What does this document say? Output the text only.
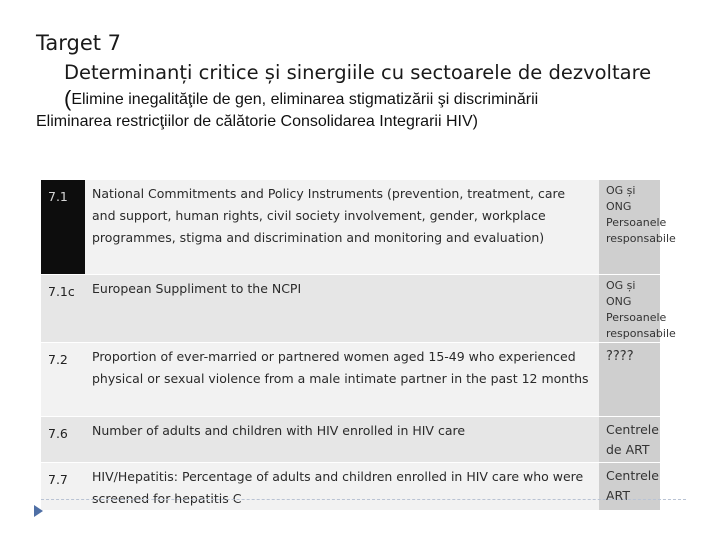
Target 7

Determinanți critice și sinergiile cu sectoarele de dezvoltare

(Elimine inegalităţile de gen, eliminarea stigmatizării şi discriminării

Eliminarea restricţiilor de călătorie Consolidarea Integrarii HIV)

7.1	National Commitments and Policy Instruments (prevention, treatment, care and support, human rights, civil society involvement, gender, workplace programmes, stigma and discrimination and monitoring and evaluation)	OG și ONG
Persoanele responsabile

7.1c	European Suppliment to the NCPI	OG și ONG
Persoanele responsabile

7.2	Proportion of ever-married or partnered women aged 15-49 who experienced physical or sexual violence from a male intimate partner in the past 12 months	????
7.6	Number of adults and children with HIV enrolled in HIV care	Centrele de ART
7.7	HIV/Hepatitis: Percentage of adults and children enrolled in HIV care who were screened for hepatitis C	Centrele ART
